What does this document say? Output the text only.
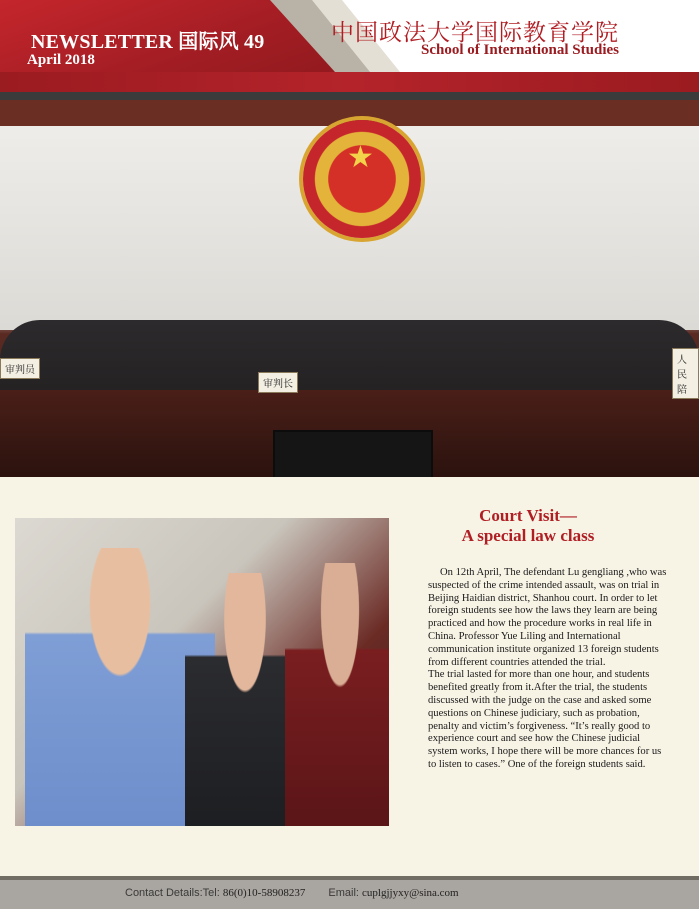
NEWSLETTER 国际风 49
April 2018
中国政法大学国际教育学院
School of International Studies
★
审判长
审判员
人民陪
Court Visit—
A special law class

On 12th April, The defendant Lu gengliang ,who was suspected of the crime intended assault, was on trial in Beijing Haidian district, Shanhou court. In order to let foreign students see how the laws they learn are being practiced and how the procedure works in real life in China. Professor Yue Liling and International communication institute organized 13 foreign students from different countries attended the trial.

The trial lasted for more than one hour, and students benefited greatly from it.After the trial, the students discussed with the judge on the case and asked some questions on Chinese judiciary, such as probation, penalty and victim’s forgiveness. “It’s really good to experience court and see how the Chinese judicial system works, I hope there will be more chances for us to listen to cases.” One of the foreign students said.

Contact Details:Tel: 86(0)10-58908237 Email: cuplgjjyxy@sina.com
